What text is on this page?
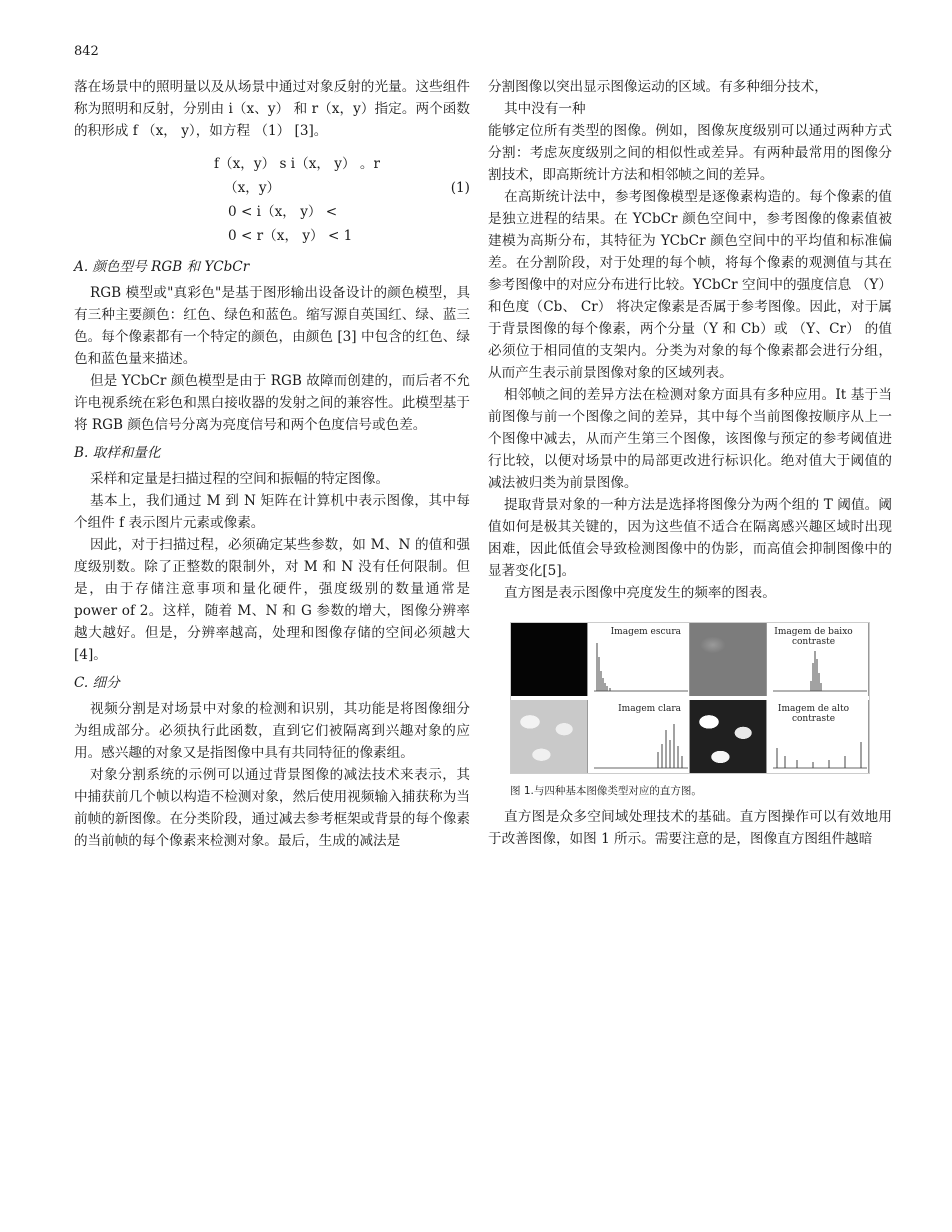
842

落在场景中的照明量以及从场景中通过对象反射的光量。这些组件称为照明和反射，分别由 i（x、y） 和 r（x，y）指定。两个函数的积形成 f （x， y），如方程 （1） [3]。

f（x，y） s i（x， y） 。r
（x，y）	(1)
0 < i（x， y） <
0 < r（x， y） < 1
A. 颜色型号 RGB 和 YCbCr

RGB 模型或"真彩色"是基于图形输出设备设计的颜色模型，具有三种主要颜色：红色、绿色和蓝色。缩写源自英国红、绿、蓝三色。每个像素都有一个特定的颜色，由颜色 [3] 中包含的红色、绿色和蓝色量来描述。

但是 YCbCr 颜色模型是由于 RGB 故障而创建的，而后者不允许电视系统在彩色和黑白接收器的发射之间的兼容性。此模型基于将 RGB 颜色信号分离为亮度信号和两个色度信号或色差。

B. 取样和量化

采样和定量是扫描过程的空间和振幅的特定图像。

基本上，我们通过 M 到 N 矩阵在计算机中表示图像，其中每个组件 f 表示图片元素或像素。

因此，对于扫描过程，必须确定某些参数，如 M、N 的值和强度级别数。除了正整数的限制外，对 M 和 N 没有任何限制。但是，由于存储注意事项和量化硬件，强度级别的数量通常是 power of 2。这样，随着 M、N 和 G 参数的增大，图像分辨率越大越好。但是，分辨率越高，处理和图像存储的空间必须越大 [4]。

C. 细分

视频分割是对场景中对象的检测和识别，其功能是将图像细分为组成部分。必须执行此函数，直到它们被隔离到兴趣对象的应用。感兴趣的对象又是指图像中具有共同特征的像素组。

对象分割系统的示例可以通过背景图像的减法技术来表示，其中捕获前几个帧以构造不检测对象，然后使用视频输入捕获称为当前帧的新图像。在分类阶段，通过减去参考框架或背景的每个像素的当前帧的每个像素来检测对象。最后，生成的减法是

分割图像以突出显示图像运动的区域。有多种细分技术，

其中没有一种

能够定位所有类型的图像。例如，图像灰度级别可以通过两种方式分割：考虑灰度级别之间的相似性或差异。有两种最常用的图像分割技术，即高斯统计方法和相邻帧之间的差异。

在高斯统计法中，参考图像模型是逐像素构造的。每个像素的值是独立进程的结果。在 YCbCr 颜色空间中，参考图像的像素值被建模为高斯分布，其特征为 YCbCr 颜色空间中的平均值和标准偏差。在分割阶段，对于处理的每个帧，将每个像素的观测值与其在参考图像中的对应分布进行比较。YCbCr 空间中的强度信息 （Y） 和色度（Cb、 Cr） 将决定像素是否属于参考图像。因此，对于属于背景图像的每个像素，两个分量（Y 和 Cb）或 （Y、Cr） 的值必须位于相同值的支架内。分类为对象的每个像素都会进行分组，从而产生表示前景图像对象的区域列表。

相邻帧之间的差异方法在检测对象方面具有多种应用。It 基于当前图像与前一个图像之间的差异，其中每个当前图像按顺序从上一个图像中减去，从而产生第三个图像，该图像与预定的参考阈值进行比较，以便对场景中的局部更改进行标识化。绝对值大于阈值的减法被归类为前景图像。

提取背景对象的一种方法是选择将图像分为两个组的 T 阈值。阈值如何是极其关键的，因为这些值不适合在隔离感兴趣区域时出现困难，因此低值会导致检测图像中的伪影，而高值会抑制图像中的显著变化[5]。

直方图是表示图像中亮度发生的频率的图表。

Imagem escura	Imagem de baixo contraste
Imagem clara	Imagem de alto contraste
图 1.与四种基本图像类型对应的直方图。

直方图是众多空间域处理技术的基础。直方图操作可以有效地用于改善图像，如图 1 所示。需要注意的是，图像直方图组件越暗
